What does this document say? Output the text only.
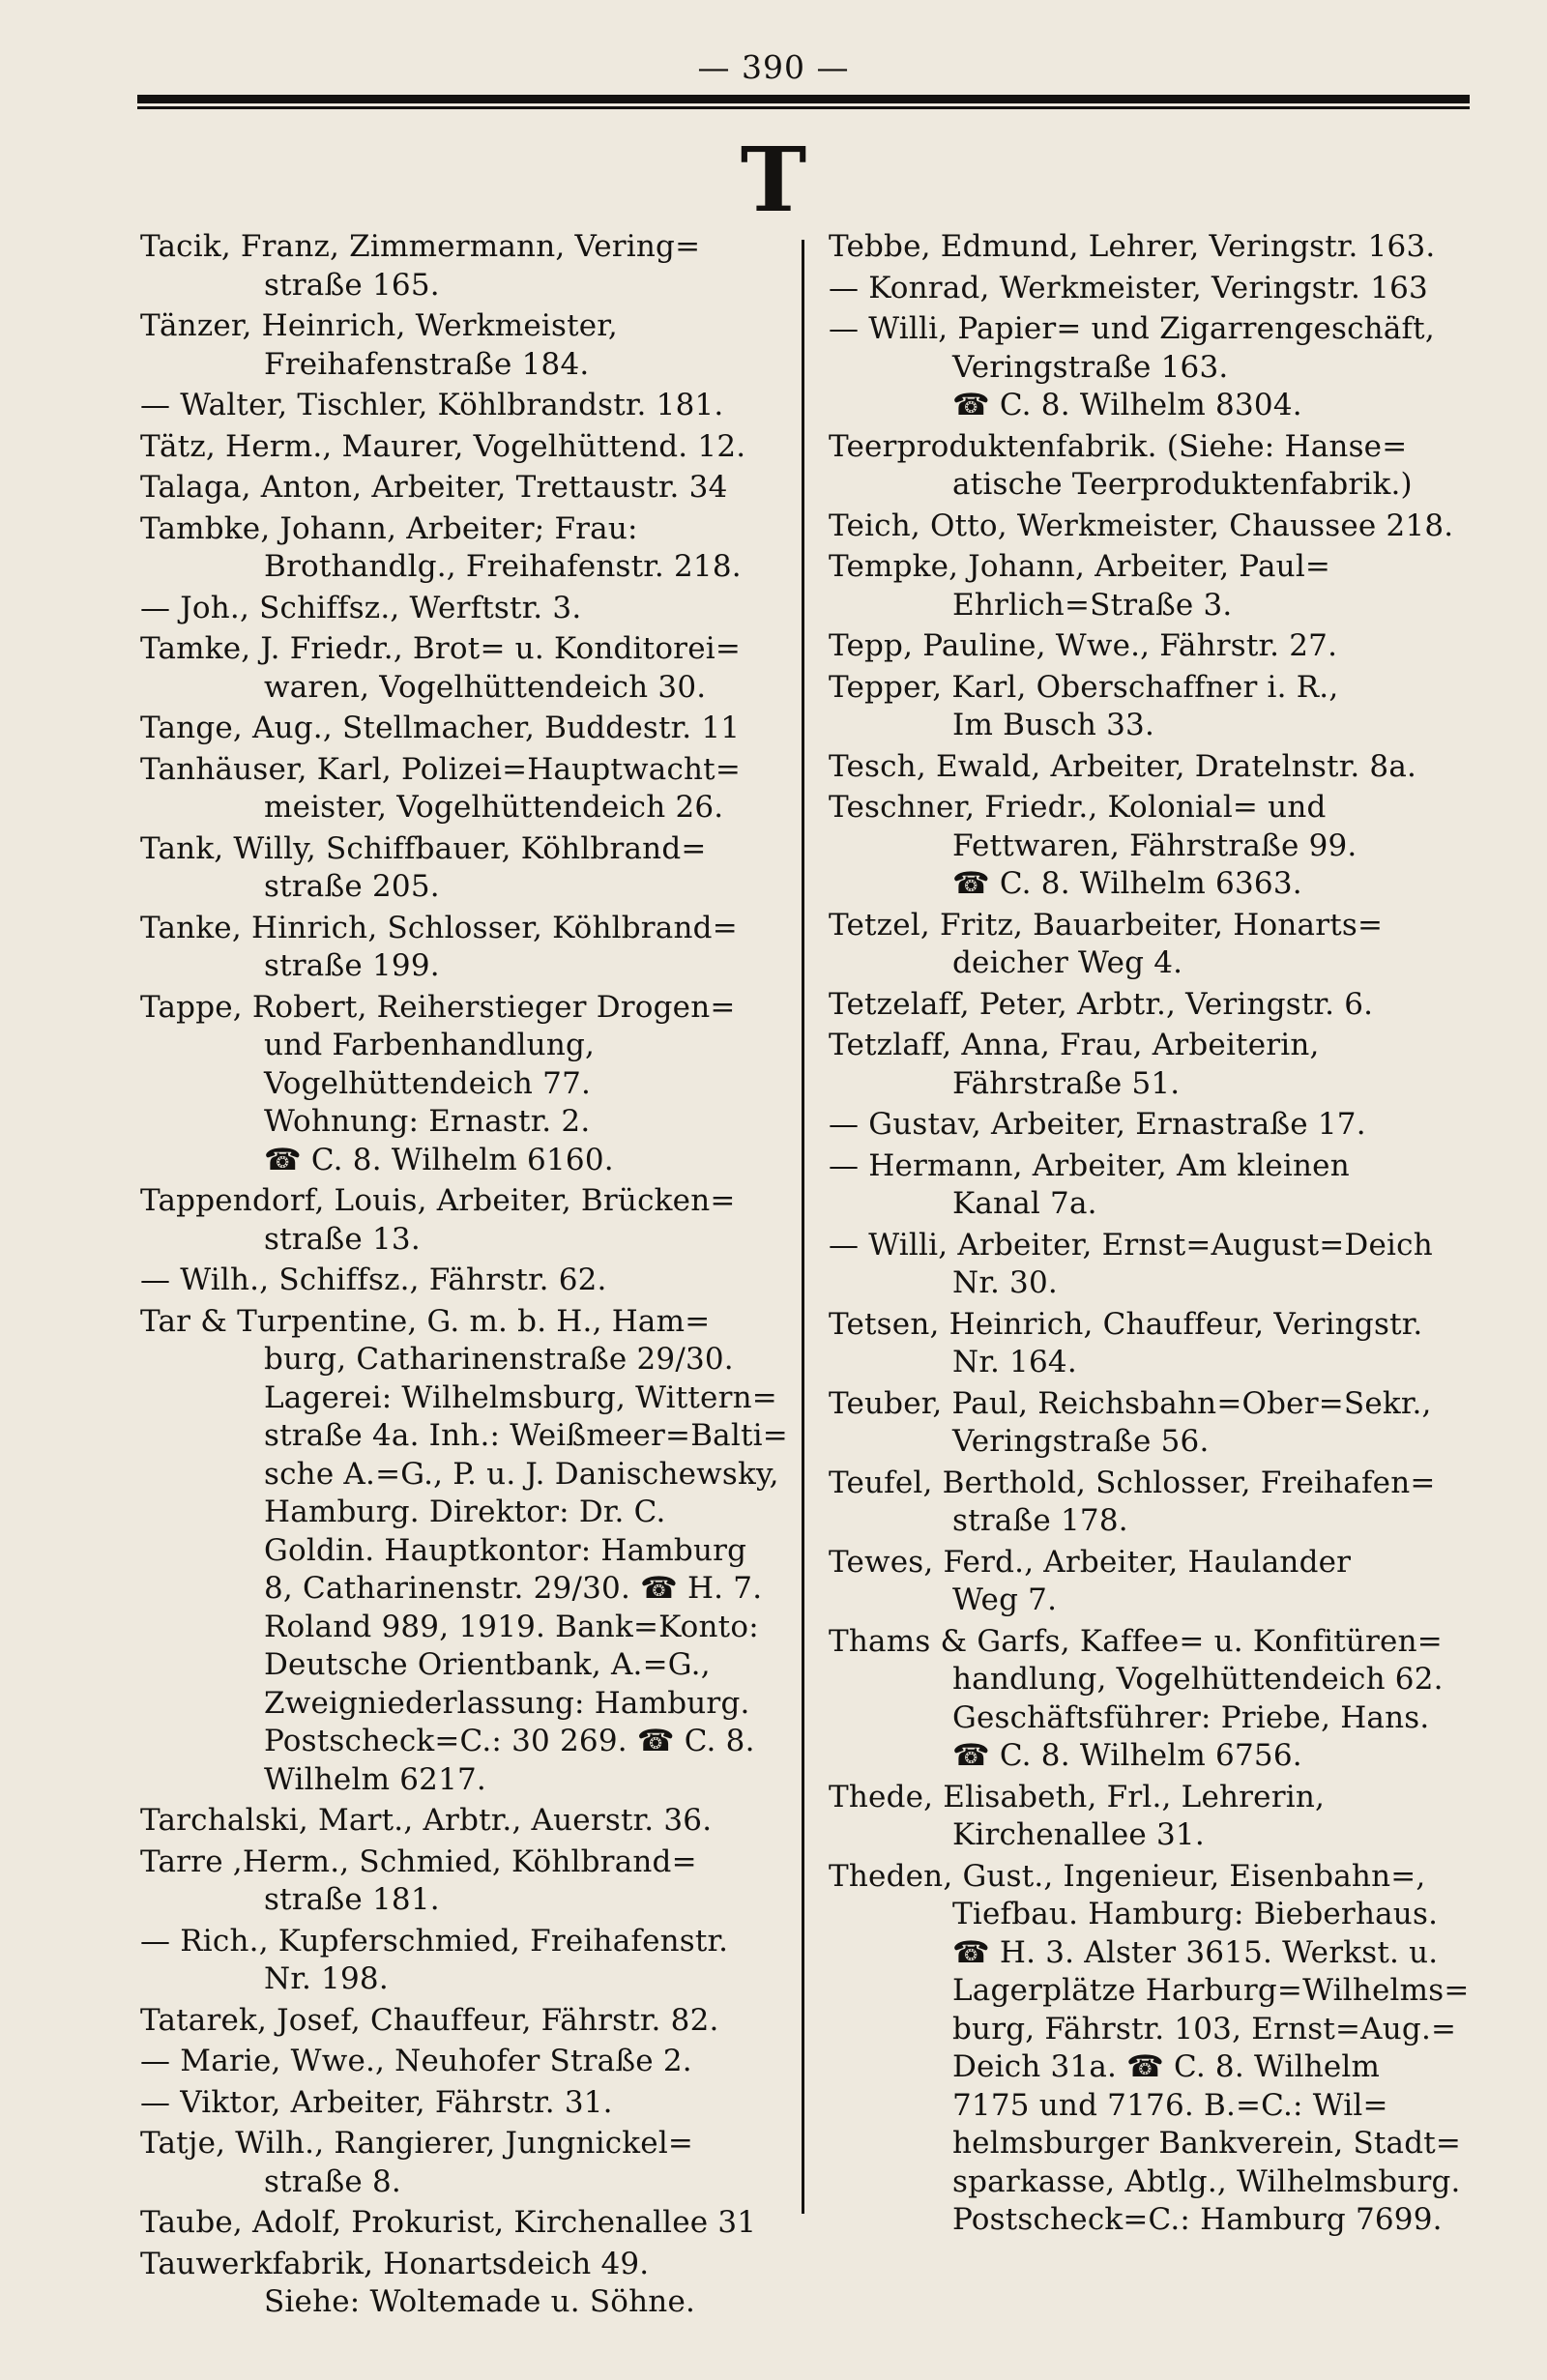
— 390 —
T
Tacik, Franz, Zimmermann, Vering=
straße 165.
Tänzer, Heinrich, Werkmeister,
Freihafenstraße 184.
— Walter, Tischler, Köhlbrandstr. 181.
Tätz, Herm., Maurer, Vogelhüttend. 12.
Talaga, Anton, Arbeiter, Trettaustr. 34
Tambke, Johann, Arbeiter; Frau:
Brothandlg., Freihafenstr. 218.
— Joh., Schiffsz., Werftstr. 3.
Tamke, J. Friedr., Brot= u. Konditorei=
waren, Vogelhüttendeich 30.
Tange, Aug., Stellmacher, Buddestr. 11
Tanhäuser, Karl, Polizei=Hauptwacht=
meister, Vogelhüttendeich 26.
Tank, Willy, Schiffbauer, Köhlbrand=
straße 205.
Tanke, Hinrich, Schlosser, Köhlbrand=
straße 199.
Tappe, Robert, Reiherstieger Drogen=
und Farbenhandlung,
Vogelhüttendeich 77.
Wohnung: Ernastr. 2.
☎ C. 8. Wilhelm 6160.
Tappendorf, Louis, Arbeiter, Brücken=
straße 13.
— Wilh., Schiffsz., Fährstr. 62.
Tar & Turpentine, G. m. b. H., Ham=
burg, Catharinenstraße 29/30.
Lagerei: Wilhelmsburg, Wittern=
straße 4a. Inh.: Weißmeer=Balti=
sche A.=G., P. u. J. Danischewsky,
Hamburg. Direktor: Dr. C.
Goldin. Hauptkontor: Hamburg
8, Catharinenstr. 29/30. ☎ H. 7.
Roland 989, 1919. Bank=Konto:
Deutsche Orientbank, A.=G.,
Zweigniederlassung: Hamburg.
Postscheck=C.: 30 269. ☎ C. 8.
Wilhelm 6217.
Tarchalski, Mart., Arbtr., Auerstr. 36.
Tarre ,Herm., Schmied, Köhlbrand=
straße 181.
— Rich., Kupferschmied, Freihafenstr.
Nr. 198.
Tatarek, Josef, Chauffeur, Fährstr. 82.
— Marie, Wwe., Neuhofer Straße 2.
— Viktor, Arbeiter, Fährstr. 31.
Tatje, Wilh., Rangierer, Jungnickel=
straße 8.
Taube, Adolf, Prokurist, Kirchenallee 31
Tauwerkfabrik, Honartsdeich 49.
Siehe: Woltemade u. Söhne.
Tebbe, Edmund, Lehrer, Veringstr. 163.
— Konrad, Werkmeister, Veringstr. 163
— Willi, Papier= und Zigarrengeschäft,
Veringstraße 163.
☎ C. 8. Wilhelm 8304.
Teerproduktenfabrik. (Siehe: Hanse=
atische Teerproduktenfabrik.)
Teich, Otto, Werkmeister, Chaussee 218.
Tempke, Johann, Arbeiter, Paul=
Ehrlich=Straße 3.
Tepp, Pauline, Wwe., Fährstr. 27.
Tepper, Karl, Oberschaffner i. R.,
Im Busch 33.
Tesch, Ewald, Arbeiter, Dratelnstr. 8a.
Teschner, Friedr., Kolonial= und
Fettwaren, Fährstraße 99.
☎ C. 8. Wilhelm 6363.
Tetzel, Fritz, Bauarbeiter, Honarts=
deicher Weg 4.
Tetzelaff, Peter, Arbtr., Veringstr. 6.
Tetzlaff, Anna, Frau, Arbeiterin,
Fährstraße 51.
— Gustav, Arbeiter, Ernastraße 17.
— Hermann, Arbeiter, Am kleinen
Kanal 7a.
— Willi, Arbeiter, Ernst=August=Deich
Nr. 30.
Tetsen, Heinrich, Chauffeur, Veringstr.
Nr. 164.
Teuber, Paul, Reichsbahn=Ober=Sekr.,
Veringstraße 56.
Teufel, Berthold, Schlosser, Freihafen=
straße 178.
Tewes, Ferd., Arbeiter, Haulander
Weg 7.
Thams & Garfs, Kaffee= u. Konfitüren=
handlung, Vogelhüttendeich 62.
Geschäftsführer: Priebe, Hans.
☎ C. 8. Wilhelm 6756.
Thede, Elisabeth, Frl., Lehrerin,
Kirchenallee 31.
Theden, Gust., Ingenieur, Eisenbahn=,
Tiefbau. Hamburg: Bieberhaus.
☎ H. 3. Alster 3615. Werkst. u.
Lagerplätze Harburg=Wilhelms=
burg, Fährstr. 103, Ernst=Aug.=
Deich 31a. ☎ C. 8. Wilhelm
7175 und 7176. B.=C.: Wil=
helmsburger Bankverein, Stadt=
sparkasse, Abtlg., Wilhelmsburg.
Postscheck=C.: Hamburg 7699.
